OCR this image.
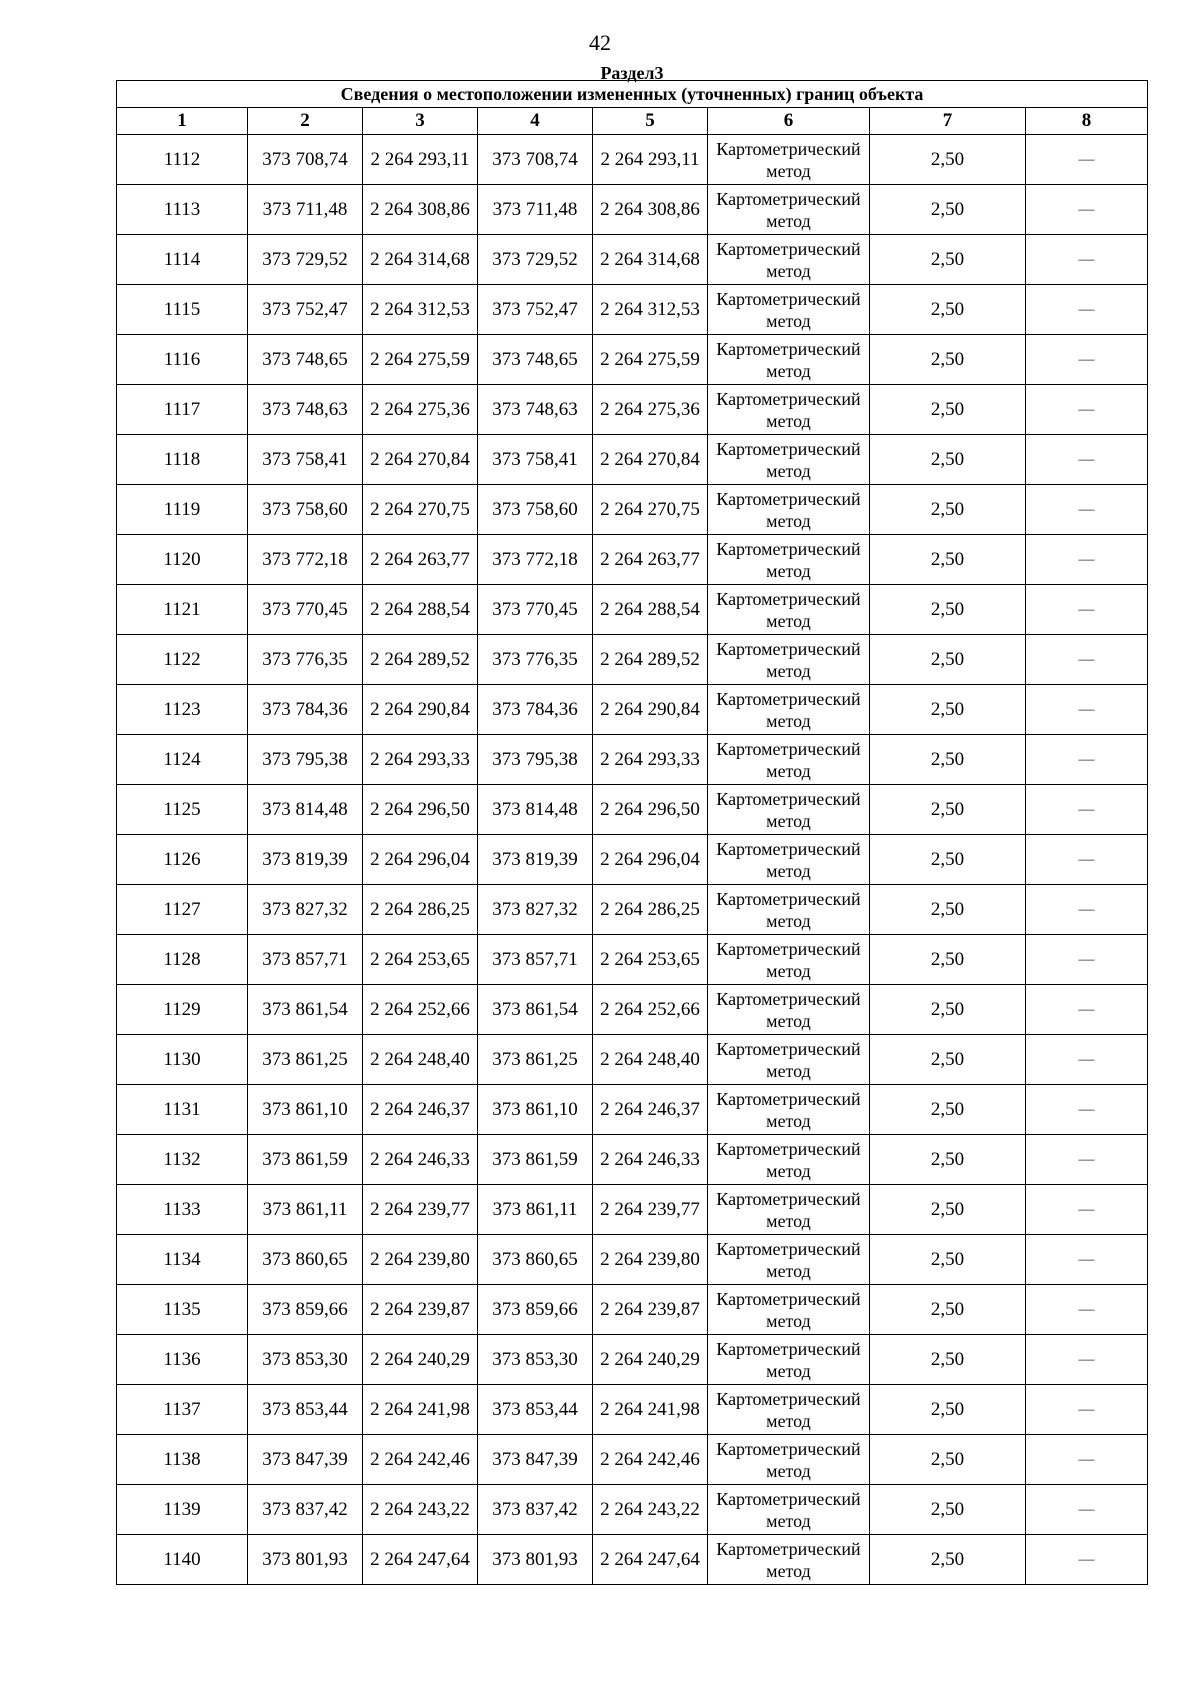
42
Раздел3
Сведения о местоположении измененных (уточненных) границ объекта							
1	2	3	4	5	6	7	8
1112	373 708,74	2 264 293,11	373 708,74	2 264 293,11	Картометрический метод	2,50	—
1113	373 711,48	2 264 308,86	373 711,48	2 264 308,86	Картометрический метод	2,50	—
1114	373 729,52	2 264 314,68	373 729,52	2 264 314,68	Картометрический метод	2,50	—
1115	373 752,47	2 264 312,53	373 752,47	2 264 312,53	Картометрический метод	2,50	—
1116	373 748,65	2 264 275,59	373 748,65	2 264 275,59	Картометрический метод	2,50	—
1117	373 748,63	2 264 275,36	373 748,63	2 264 275,36	Картометрический метод	2,50	—
1118	373 758,41	2 264 270,84	373 758,41	2 264 270,84	Картометрический метод	2,50	—
1119	373 758,60	2 264 270,75	373 758,60	2 264 270,75	Картометрический метод	2,50	—
1120	373 772,18	2 264 263,77	373 772,18	2 264 263,77	Картометрический метод	2,50	—
1121	373 770,45	2 264 288,54	373 770,45	2 264 288,54	Картометрический метод	2,50	—
1122	373 776,35	2 264 289,52	373 776,35	2 264 289,52	Картометрический метод	2,50	—
1123	373 784,36	2 264 290,84	373 784,36	2 264 290,84	Картометрический метод	2,50	—
1124	373 795,38	2 264 293,33	373 795,38	2 264 293,33	Картометрический метод	2,50	—
1125	373 814,48	2 264 296,50	373 814,48	2 264 296,50	Картометрический метод	2,50	—
1126	373 819,39	2 264 296,04	373 819,39	2 264 296,04	Картометрический метод	2,50	—
1127	373 827,32	2 264 286,25	373 827,32	2 264 286,25	Картометрический метод	2,50	—
1128	373 857,71	2 264 253,65	373 857,71	2 264 253,65	Картометрический метод	2,50	—
1129	373 861,54	2 264 252,66	373 861,54	2 264 252,66	Картометрический метод	2,50	—
1130	373 861,25	2 264 248,40	373 861,25	2 264 248,40	Картометрический метод	2,50	—
1131	373 861,10	2 264 246,37	373 861,10	2 264 246,37	Картометрический метод	2,50	—
1132	373 861,59	2 264 246,33	373 861,59	2 264 246,33	Картометрический метод	2,50	—
1133	373 861,11	2 264 239,77	373 861,11	2 264 239,77	Картометрический метод	2,50	—
1134	373 860,65	2 264 239,80	373 860,65	2 264 239,80	Картометрический метод	2,50	—
1135	373 859,66	2 264 239,87	373 859,66	2 264 239,87	Картометрический метод	2,50	—
1136	373 853,30	2 264 240,29	373 853,30	2 264 240,29	Картометрический метод	2,50	—
1137	373 853,44	2 264 241,98	373 853,44	2 264 241,98	Картометрический метод	2,50	—
1138	373 847,39	2 264 242,46	373 847,39	2 264 242,46	Картометрический метод	2,50	—
1139	373 837,42	2 264 243,22	373 837,42	2 264 243,22	Картометрический метод	2,50	—
1140	373 801,93	2 264 247,64	373 801,93	2 264 247,64	Картометрический метод	2,50	—
